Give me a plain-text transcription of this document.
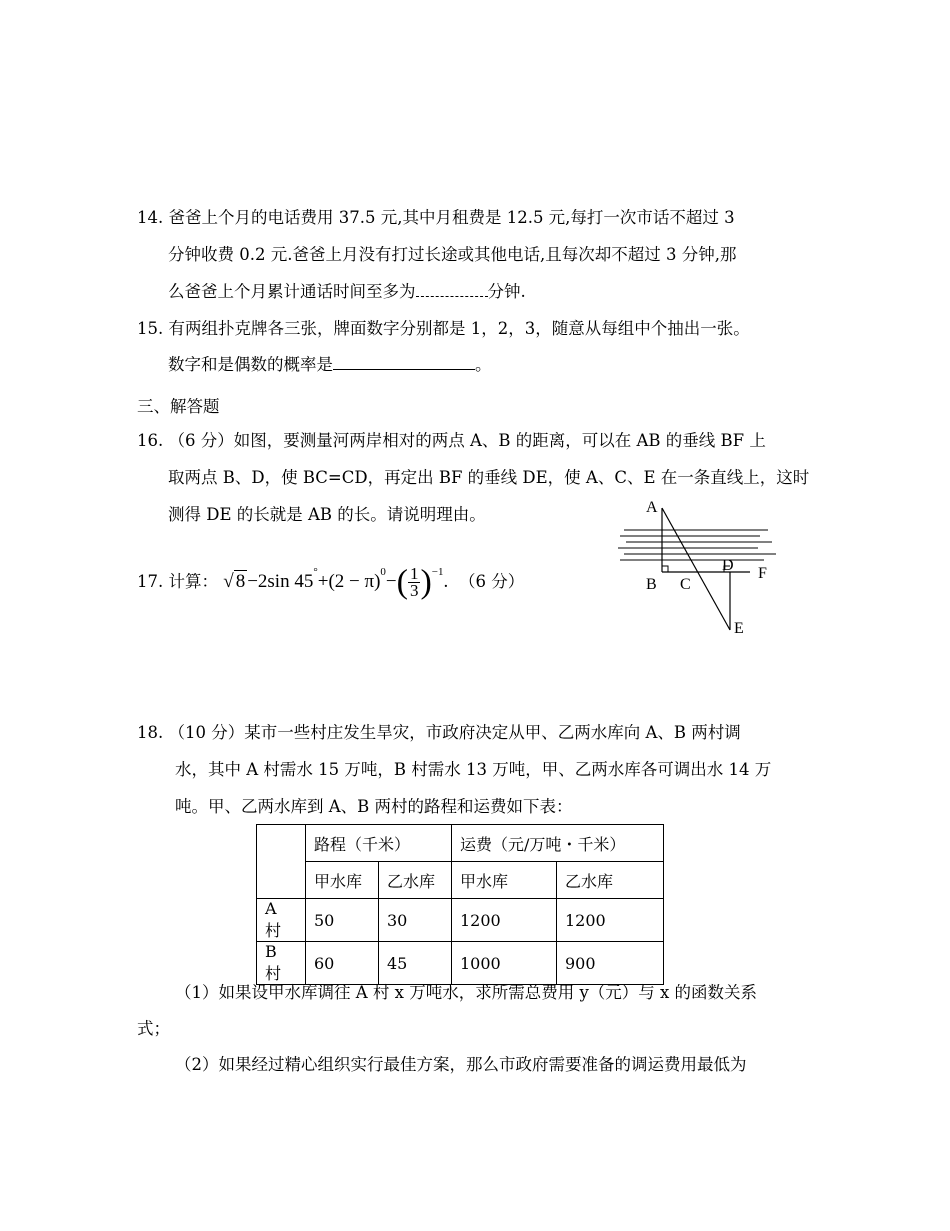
14. 爸爸上个月的电话费用 37.5 元,其中月租费是 12.5 元,每打一次市话不超过 3
分钟收费 0.2 元.爸爸上月没有打过长途或其他电话,且每次却不超过 3 分钟,那
么爸爸上个月累计通话时间至多为	分钟.
15. 有两组扑克牌各三张，牌面数字分别都是 1，2，3，随意从每组中个抽出一张。
数字和是偶数的概率是	。
三、解答题
16. （6 分）如图，要测量河两岸相对的两点 A、B 的距离，可以在 AB 的垂线 BF 上
取两点 B、D，使 BC=CD，再定出 BF 的垂线 DE，使 A、C、E 在一条直线上，这时
测得 DE 的长就是 AB 的长。请说明理由。
17. 计算： √ 8 −2sin $45^\circ+(2 - \pi)^0-( \frac{1}{3} )^{-1}$. （6 分）
A
B C
D F
E
18. （10 分）某市一些村庄发生旱灾，市政府决定从甲、乙两水库向 A、B 两村调
水，其中 A 村需水 15 万吨，B 村需水 13 万吨，甲、乙两水库各可调出水 14 万
吨。甲、乙两水库到 A、B 两村的路程和运费如下表：
	路程（千米）		运费（元/万吨・千米）	
	甲水库	乙水库	甲水库	乙水库
A 村	50	30	1200	1200
B 村	60	45	1000	900
（1）如果设甲水库调往 A 村 x 万吨水，求所需总费用 y（元）与 x 的函数关系
式；
（2）如果经过精心组织实行最佳方案，那么市政府需要准备的调运费用最低为
